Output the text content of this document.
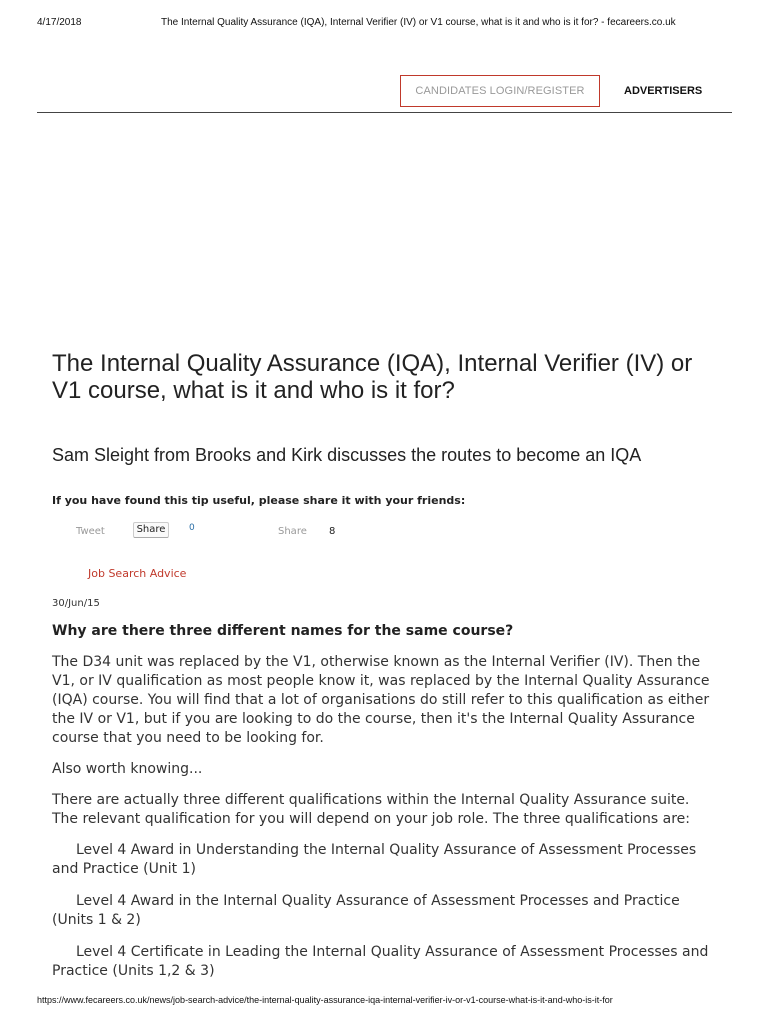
4/17/2018	The Internal Quality Assurance (IQA), Internal Verifier (IV) or V1 course, what is it and who is it for? - fecareers.co.uk
CANDIDATES LOGIN/REGISTER	ADVERTISERS
The Internal Quality Assurance (IQA), Internal Verifier (IV) or V1 course, what is it and who is it for?
Sam Sleight from Brooks and Kirk discusses the routes to become an IQA
If you have found this tip useful, please share it with your friends:
Tweet	Share	0	Share 8
Job Search Advice
30/Jun/15
Why are there three different names for the same course?

The D34 unit was replaced by the V1, otherwise known as the Internal Verifier (IV). Then the V1, or IV qualification as most people know it, was replaced by the Internal Quality Assurance (IQA) course. You will find that a lot of organisations do still refer to this qualification as either the IV or V1, but if you are looking to do the course, then it's the Internal Quality Assurance course that you need to be looking for.

Also worth knowing...

There are actually three different qualifications within the Internal Quality Assurance suite. The relevant qualification for you will depend on your job role. The three qualifications are:

Level 4 Award in Understanding the Internal Quality Assurance of Assessment Processes and Practice (Unit 1)

Level 4 Award in the Internal Quality Assurance of Assessment Processes and Practice (Units 1 & 2)

Level 4 Certificate in Leading the Internal Quality Assurance of Assessment Processes and Practice (Units 1,2 & 3)

https://www.fecareers.co.uk/news/job-search-advice/the-internal-quality-assurance-iqa-internal-verifier-iv-or-v1-course-what-is-it-and-who-is-it-for
